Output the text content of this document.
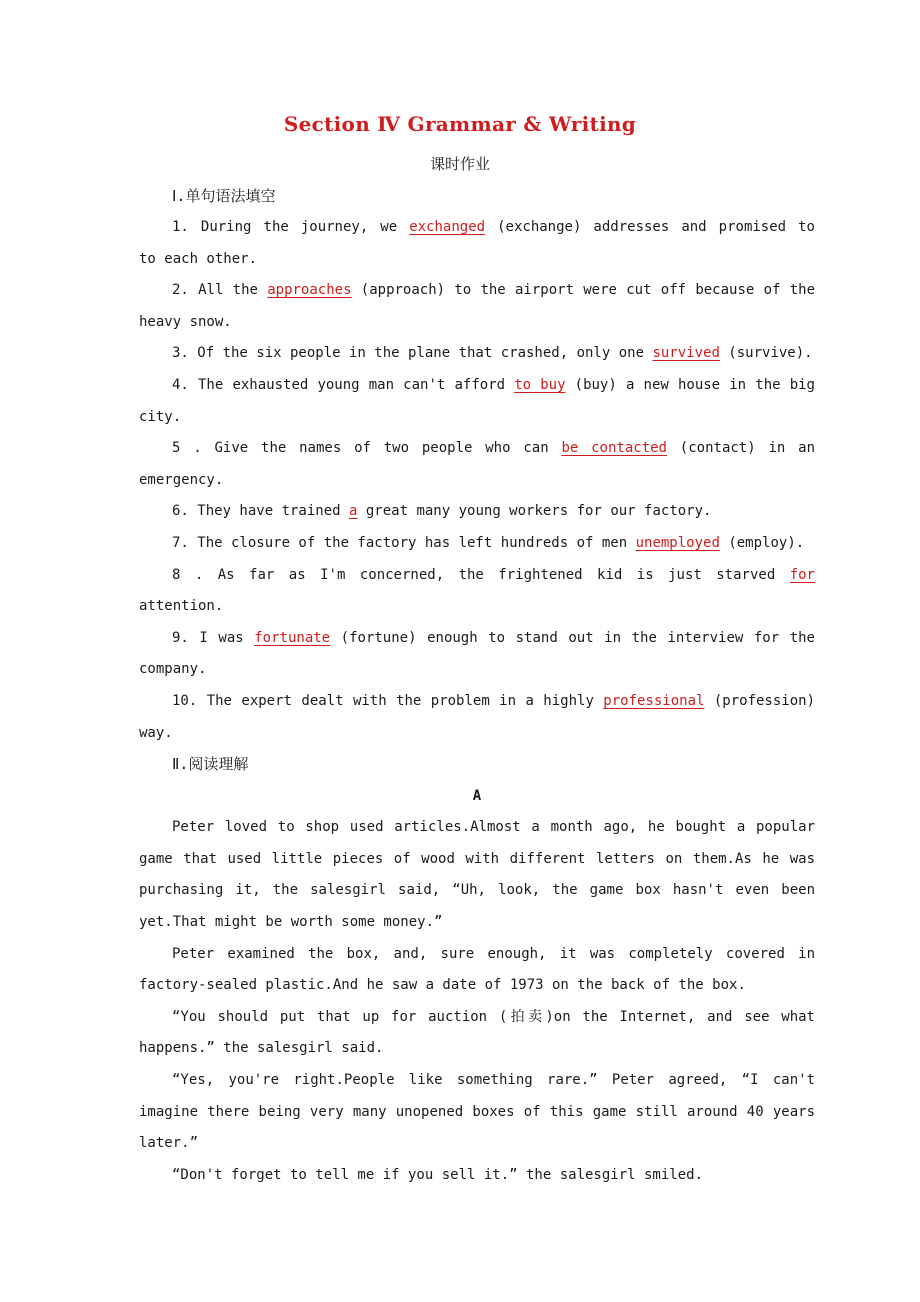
Section Ⅳ Grammar & Writing
课时作业
Ⅰ.单句语法填空
1. During the journey, we exchanged (exchange) addresses and promised to
to each other.
2. All the approaches (approach) to the airport were cut off because of the
heavy snow.
3. Of the six people in the plane that crashed, only one survived (survive).
4. The exhausted young man can't afford to buy (buy) a new house in the big
city.
5 . Give the names of two people who can be contacted (contact) in an
emergency.
6. They have trained a great many young workers for our factory.
7. The closure of the factory has left hundreds of men unemployed (employ).
8 . As far as I'm concerned, the frightened kid is just starved for
attention.
9. I was fortunate (fortune) enough to stand out in the interview for the
company.
10. The expert dealt with the problem in a highly professional (profession)
way.
Ⅱ.阅读理解
A
Peter loved to shop used articles.Almost a month ago, he bought a popular
game that used little pieces of wood with different letters on them.As he was
purchasing it, the salesgirl said, “Uh, look, the game box hasn't even been
yet.That might be worth some money.”
Peter examined the box, and, sure enough, it was completely covered in
factory-sealed plastic.And he saw a date of 1973 on the back of the box.
“You should put that up for auction (拍卖)on the Internet, and see what
happens.” the salesgirl said.
“Yes, you're right.People like something rare.” Peter agreed, “I can't
imagine there being very many unopened boxes of this game still around 40 years
later.”
“Don't forget to tell me if you sell it.” the salesgirl smiled.
